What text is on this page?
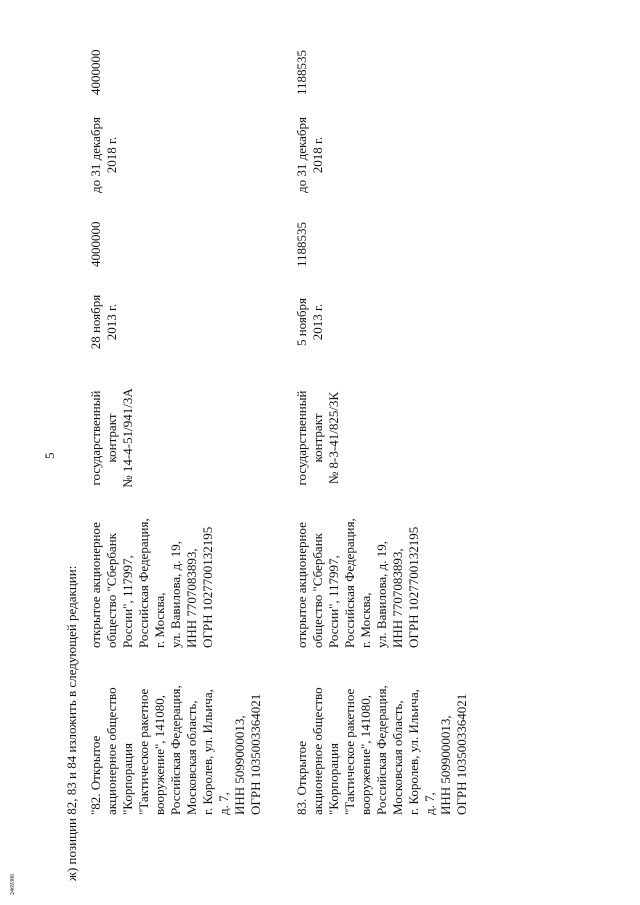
5
ж) позиции 82, 83 и 84 изложить в следующей редакции: "82. Открытое акционерное общество "Корпорация "Тактическое ракетное вооружение", 141080, Российская Федерация, Московская область, г. Королев, ул. Ильича, д. 7, ИНН 5099000013, ОГРН 1035003364021
открытое акционерное общество "Сбербанк России", 117997, Российская Федерация, г. Москва, ул. Вавилова, д. 19, ИНН 7707083893, ОГРН 1027700132195
государственный контракт № 14-4-51/941/3А
28 ноября 2013 г.
4000000
до 31 декабря 2018 г.
4000000
83. Открытое акционерное общество "Корпорация "Тактическое ракетное вооружение", 141080, Российская Федерация, Московская область, г. Королев, ул. Ильича, д. 7, ИНН 5099000013, ОГРН 1035003364021
открытое акционерное общество "Сбербанк России", 117997, Российская Федерация, г. Москва, ул. Вавилова, д. 19, ИНН 7707083893, ОГРН 1027700132195
государственный контракт № 8-3-41/825/3К
5 ноября 2013 г.
1188535
до 31 декабря 2018 г.
1188535
2469386
